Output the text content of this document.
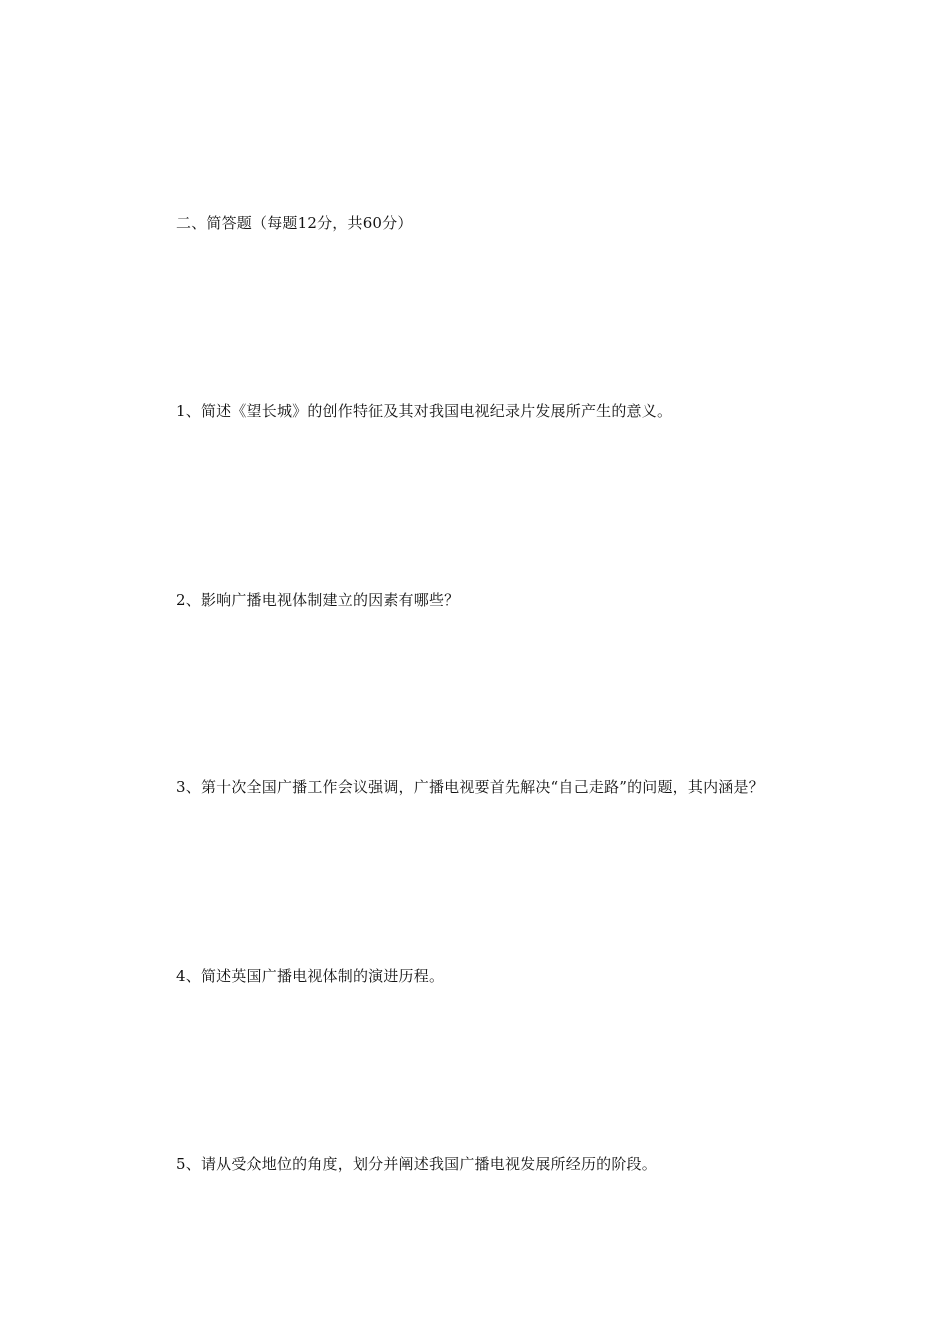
二、简答题（每题12分，共60分）
1、简述《望长城》的创作特征及其对我国电视纪录片发展所产生的意义。
2、影响广播电视体制建立的因素有哪些？
3、第十次全国广播工作会议强调，广播电视要首先解决“自己走路”的问题，其内涵是？
4、简述英国广播电视体制的演进历程。
5、请从受众地位的角度，划分并阐述我国广播电视发展所经历的阶段。
